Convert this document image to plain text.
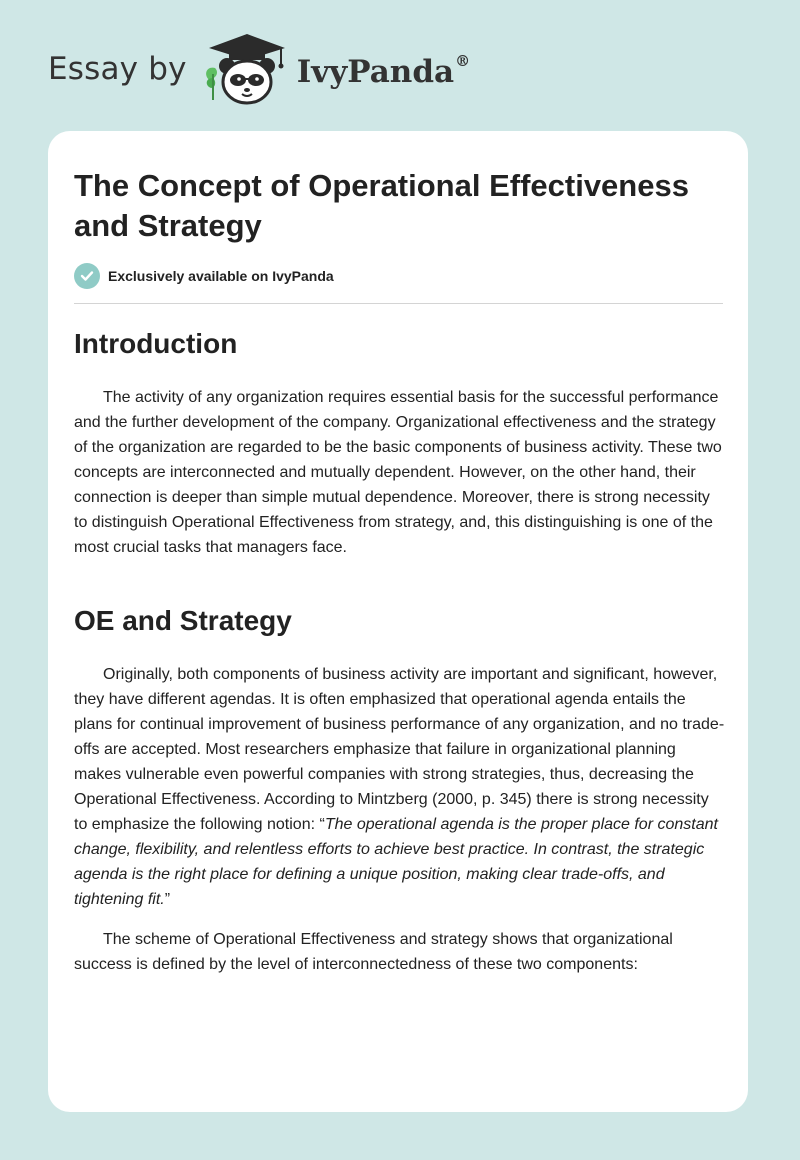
Essay by	IvyPanda®
The Concept of Operational Effectiveness and Strategy
Exclusively available on IvyPanda
Introduction

The activity of any organization requires essential basis for the successful performance and the further development of the company. Organizational effectiveness and the strategy of the organization are regarded to be the basic components of business activity. These two concepts are interconnected and mutually dependent. However, on the other hand, their connection is deeper than simple mutual dependence. Moreover, there is strong necessity to distinguish Operational Effectiveness from strategy, and, this distinguishing is one of the most crucial tasks that managers face.

OE and Strategy

Originally, both components of business activity are important and significant, however, they have different agendas. It is often emphasized that operational agenda entails the plans for continual improvement of business performance of any organization, and no trade-offs are accepted. Most researchers emphasize that failure in organizational planning makes vulnerable even powerful companies with strong strategies, thus, decreasing the Operational Effectiveness. According to Mintzberg (2000, p. 345) there is strong necessity to emphasize the following notion: “The operational agenda is the proper place for constant change, flexibility, and relentless efforts to achieve best practice. In contrast, the strategic agenda is the right place for defining a unique position, making clear trade-offs, and tightening fit.”

The scheme of Operational Effectiveness and strategy shows that organizational success is defined by the level of interconnectedness of these two components:
